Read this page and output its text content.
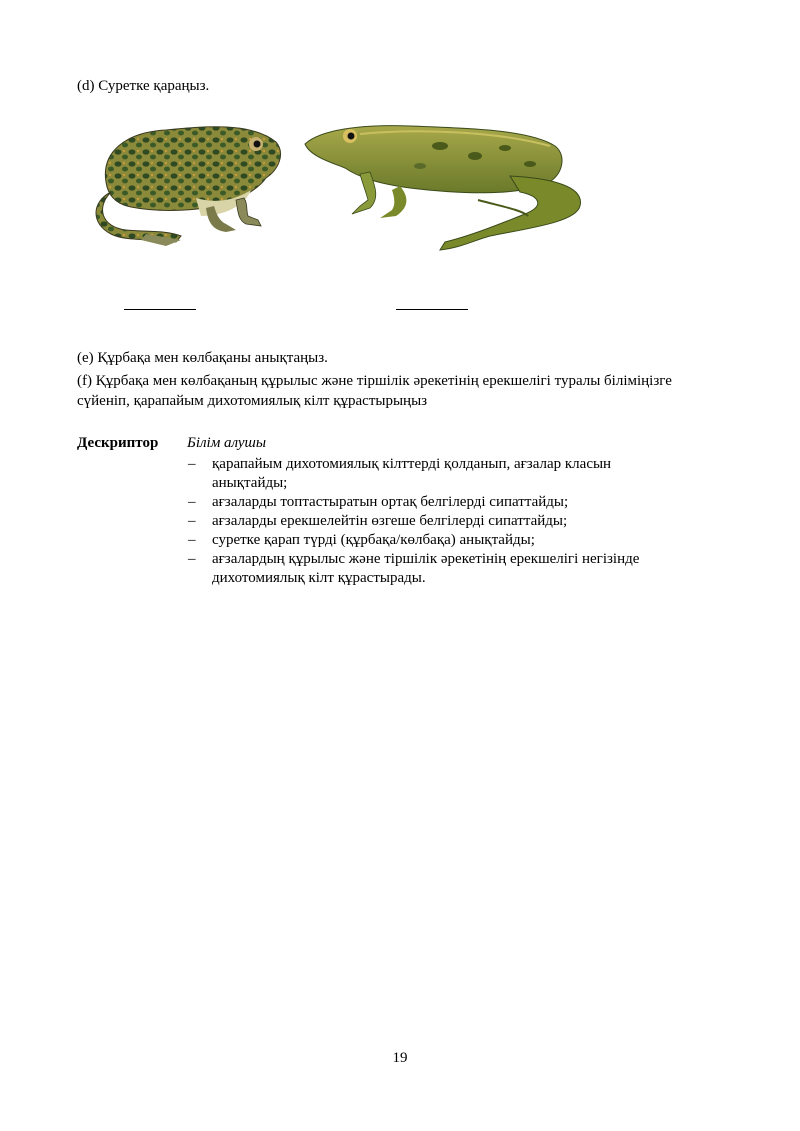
(d) Суретке қараңыз.
(e) Құрбақа мен көлбақаны анықтаңыз.
(f) Құрбақа мен көлбақаның құрылыс және тіршілік әрекетінің ерекшелігі туралы біліміңізге
сүйеніп, қарапайым дихотомиялық кілт құрастырыңыз
Дескриптор Білім алушы
– қарапайым дихотомиялық кілттерді қолданып, ағзалар класын
анықтайды;
– ағзаларды топтастыратын ортақ белгілерді сипаттайды;
– ағзаларды ерекшелейтін өзгеше белгілерді сипаттайды;
– суретке қарап түрді (құрбақа/көлбақа) анықтайды;
– ағзалардың құрылыс және тіршілік әрекетінің ерекшелігі негізінде
дихотомиялық кілт құрастырады.
19
